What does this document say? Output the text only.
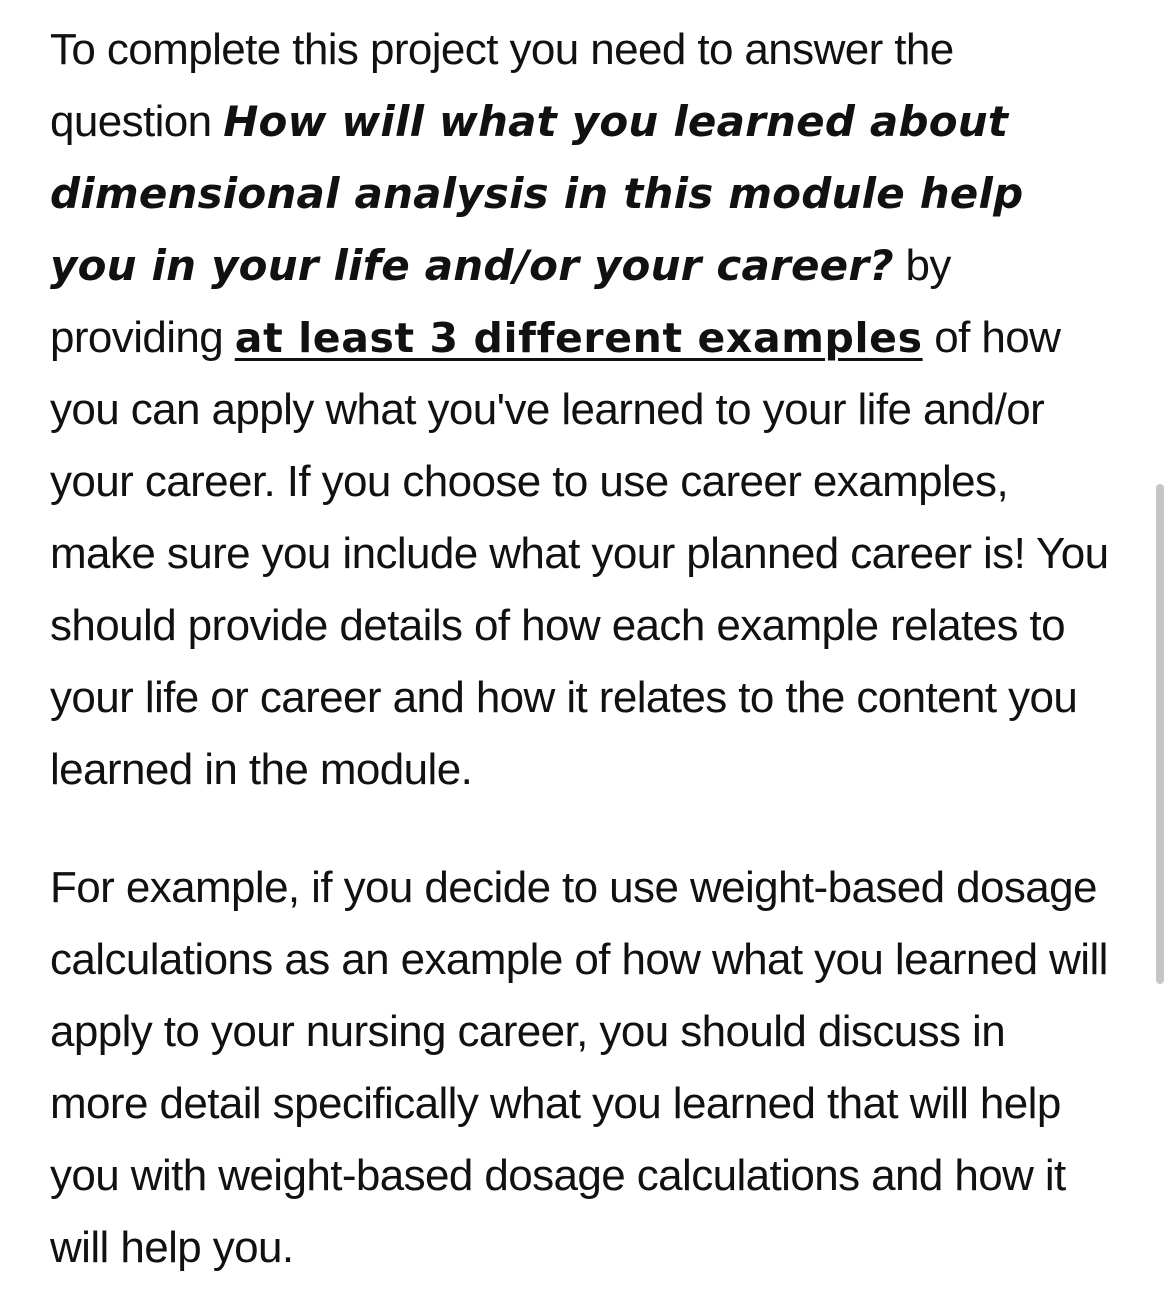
To complete this project you need to answer the question How will what you learned about dimensional analysis in this module help you in your life and/or your career? by providing at least 3 different examples of how you can apply what you've learned to your life and/or your career. If you choose to use career examples, make sure you include what your planned career is! You should provide details of how each example relates to your life or career and how it relates to the content you learned in the module.

For example, if you decide to use weight-based dosage calculations as an example of how what you learned will apply to your nursing career, you should discuss in more detail specifically what you learned that will help you with weight-based dosage calculations and how it will help you.
